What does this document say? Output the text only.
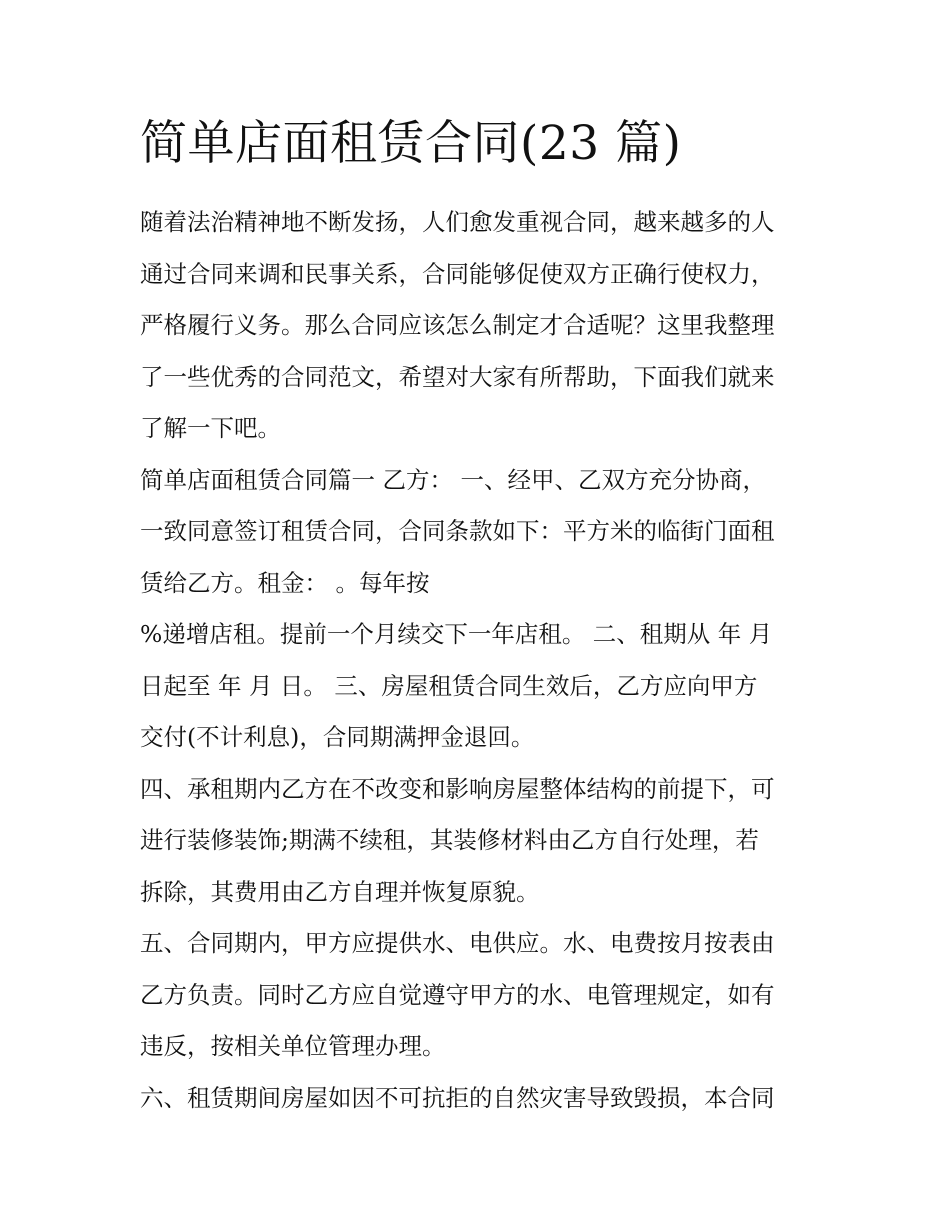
简单店面租赁合同(23 篇)

随着法治精神地不断发扬，人们愈发重视合同，越来越多的人

通过合同来调和民事关系，合同能够促使双方正确行使权力，

严格履行义务。那么合同应该怎么制定才合适呢？这里我整理

了一些优秀的合同范文，希望对大家有所帮助，下面我们就来

了解一下吧。

简单店面租赁合同篇一 乙方： 一、经甲、乙双方充分协商，

一致同意签订租赁合同，合同条款如下：平方米的临街门面租

赁给乙方。租金： 。每年按

%递增店租。提前一个月续交下一年店租。 二、租期从 年 月

日起至 年 月 日。 三、房屋租赁合同生效后，乙方应向甲方

交付(不计利息)，合同期满押金退回。

四、承租期内乙方在不改变和影响房屋整体结构的前提下，可

进行装修装饰;期满不续租，其装修材料由乙方自行处理，若

拆除，其费用由乙方自理并恢复原貌。

五、合同期内，甲方应提供水、电供应。水、电费按月按表由

乙方负责。同时乙方应自觉遵守甲方的水、电管理规定，如有

违反，按相关单位管理办理。

六、租赁期间房屋如因不可抗拒的自然灾害导致毁损，本合同
